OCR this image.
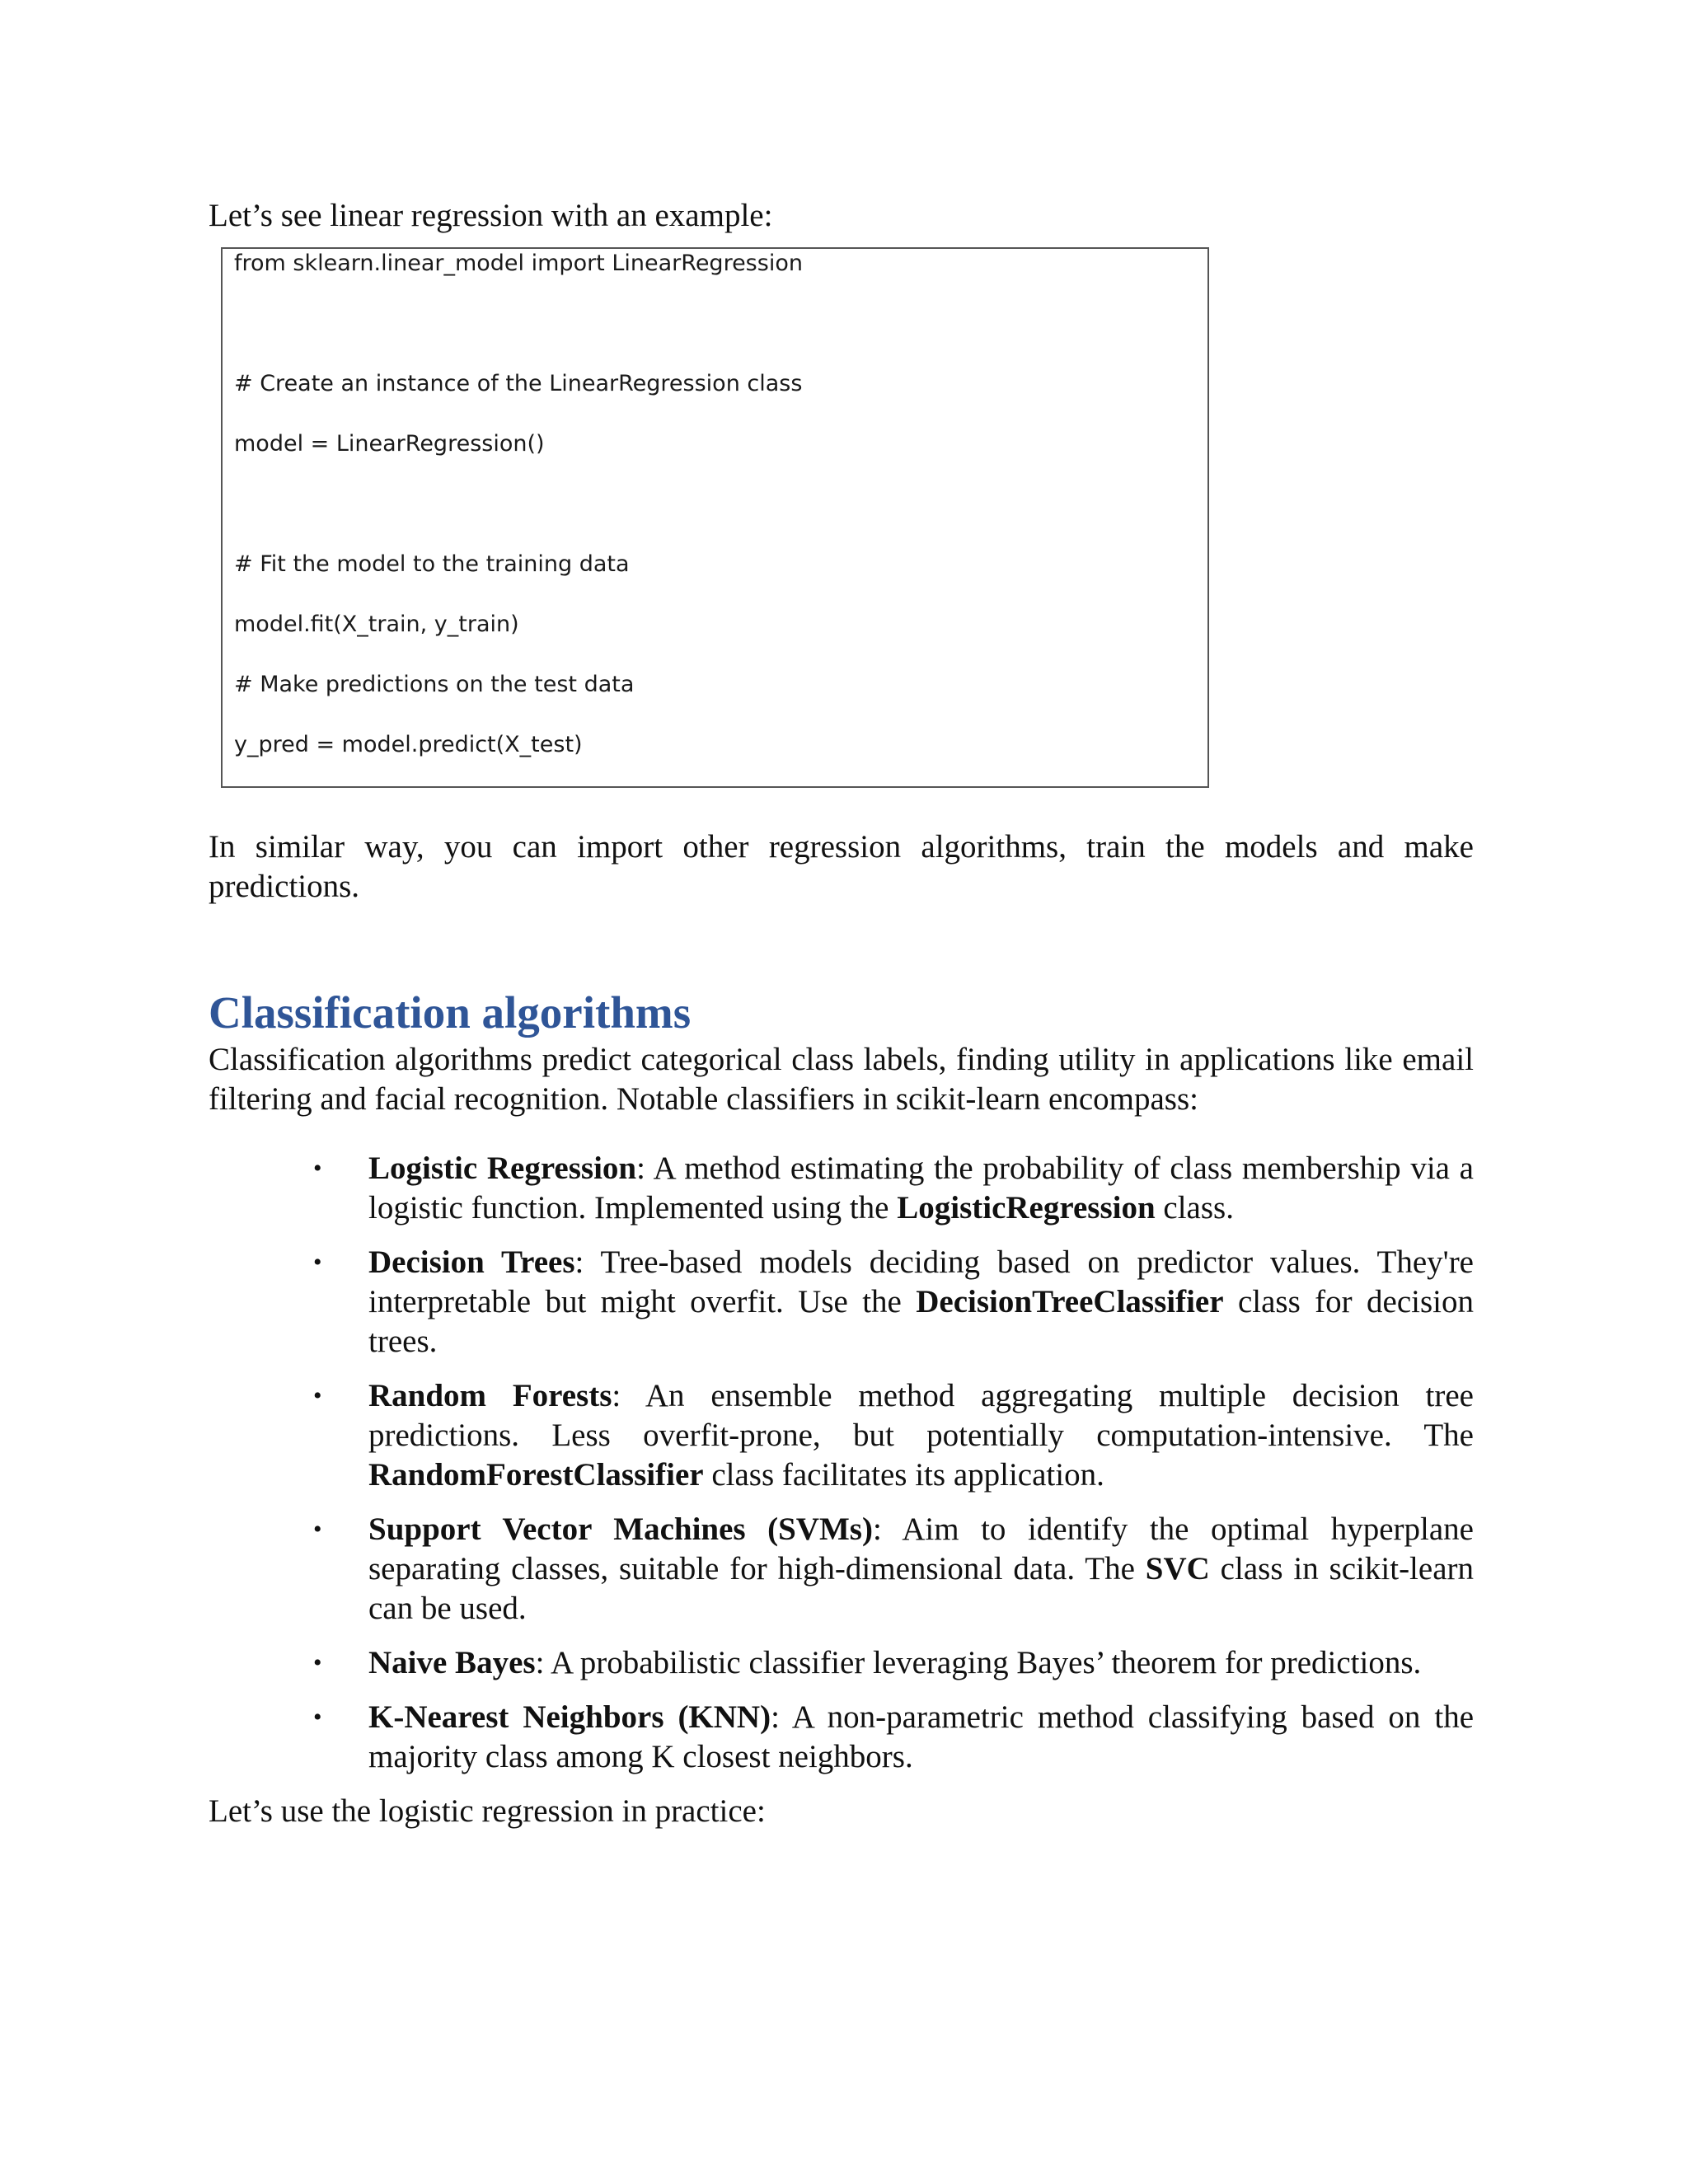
Let’s see linear regression with an example:

from sklearn.linear_model import LinearRegression
# Create an instance of the LinearRegression class
model = LinearRegression()
# Fit the model to the training data
model.fit(X_train, y_train)
# Make predictions on the test data
y_pred = model.predict(X_test)

In similar way, you can import other regression algorithms, train the models and make predictions.

Classification algorithms

Classification algorithms predict categorical class labels, finding utility in applications like email filtering and facial recognition. Notable classifiers in scikit-learn encompass:

• Logistic Regression: A method estimating the probability of class membership via a logistic function. Implemented using the LogisticRegression class.
• Decision Trees: Tree-based models deciding based on predictor values. They're interpretable but might overfit. Use the DecisionTreeClassifier class for decision trees.
• Random Forests: An ensemble method aggregating multiple decision tree predictions. Less overfit-prone, but potentially computation-intensive. The RandomForestClassifier class facilitates its application.
• Support Vector Machines (SVMs): Aim to identify the optimal hyperplane separating classes, suitable for high-dimensional data. The SVC class in scikit-learn can be used.
• Naive Bayes: A probabilistic classifier leveraging Bayes’ theorem for predictions.
• K-Nearest Neighbors (KNN): A non-parametric method classifying based on the majority class among K closest neighbors.

Let’s use the logistic regression in practice:
